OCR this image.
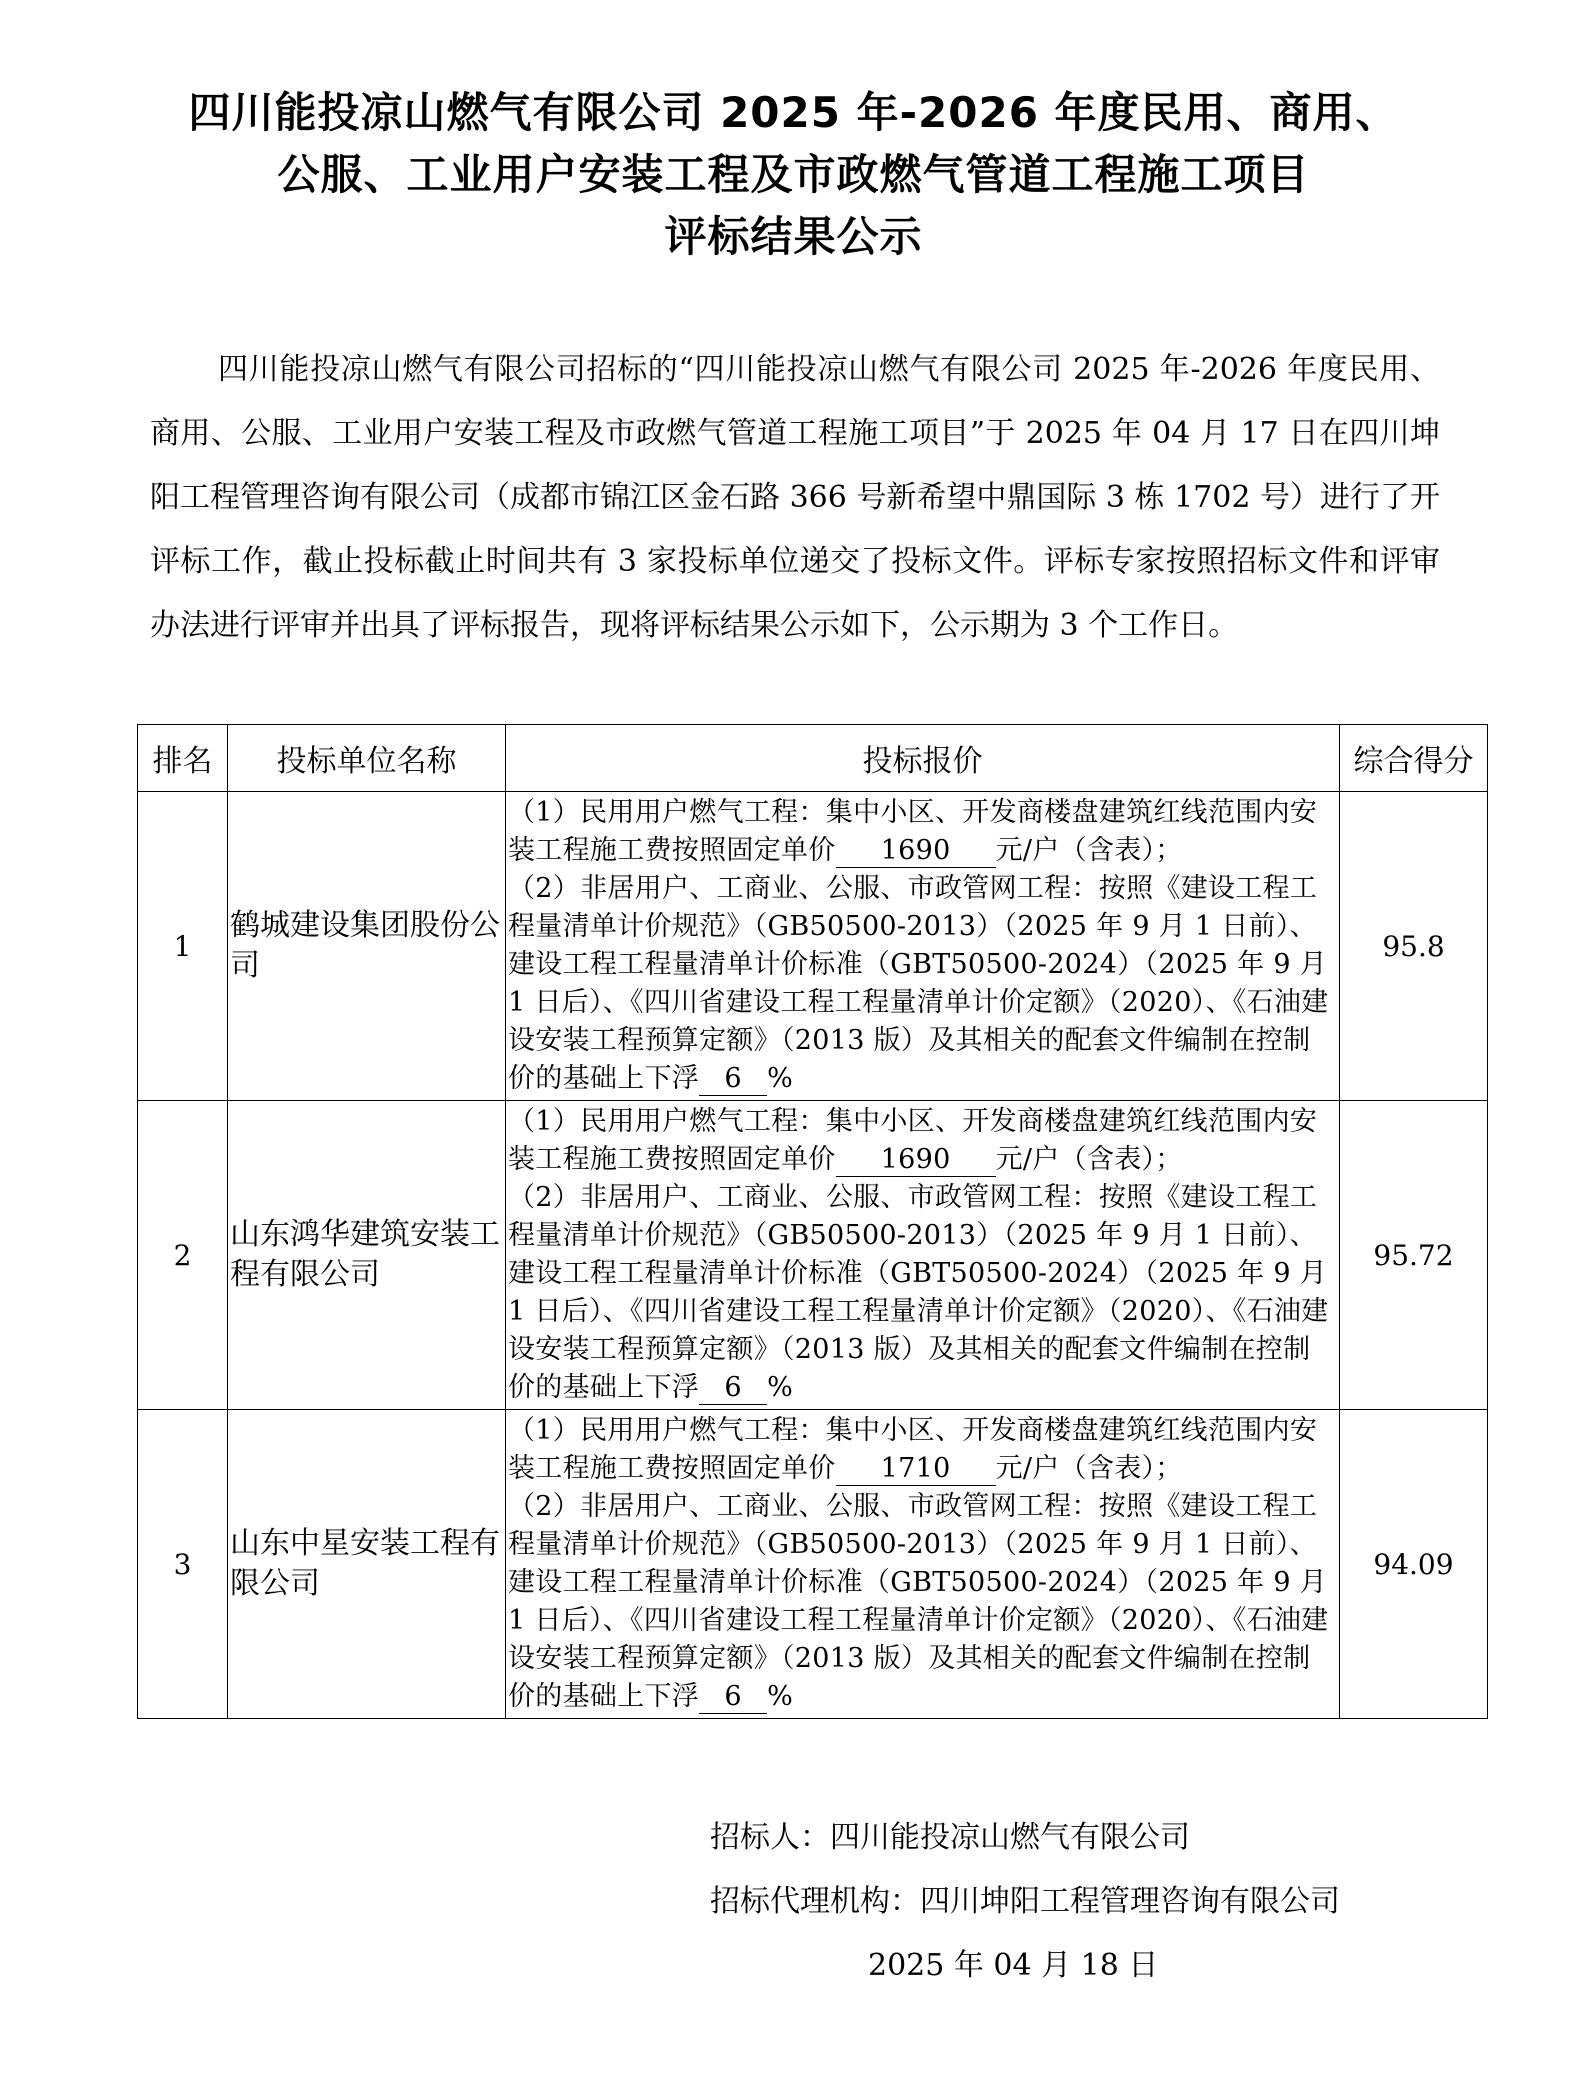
四川能投凉山燃气有限公司 2025 年-2026 年度民用、商用、
公服、工业用户安装工程及市政燃气管道工程施工项目
评标结果公示

四川能投凉山燃气有限公司招标的“四川能投凉山燃气有限公司 2025 年-2026 年度民用、商用、公服、工业用户安装工程及市政燃气管道工程施工项目”于 2025 年 04 月 17 日在四川坤阳工程管理咨询有限公司（成都市锦江区金石路 366 号新希望中鼎国际 3 栋 1702 号）进行了开评标工作，截止投标截止时间共有 3 家投标单位递交了投标文件。评标专家按照招标文件和评审办法进行评审并出具了评标报告，现将评标结果公示如下，公示期为 3 个工作日。

排名	投标单位名称	投标报价	综合得分
1	鹤城建设集团股份公司	（1）民用用户燃气工程：集中小区、开发商楼盘建筑红线范围内安装工程施工费按照固定单价 1690 元/户（含表）；
（2）非居用户、工商业、公服、市政管网工程：按照《建设工程工程量清单计价规范》（GB50500-2013）（2025 年 9 月 1 日前）、建设工程工程量清单计价标准（GBT50500-2024）（2025 年 9 月 1 日后）、《四川省建设工程工程量清单计价定额》（2020）、《石油建设安装工程预算定额》（2013 版）及其相关的配套文件编制在控制价的基础上下浮 6 %	95.8
2	山东鸿华建筑安装工程有限公司	（1）民用用户燃气工程：集中小区、开发商楼盘建筑红线范围内安装工程施工费按照固定单价 1690 元/户（含表）；
（2）非居用户、工商业、公服、市政管网工程：按照《建设工程工程量清单计价规范》（GB50500-2013）（2025 年 9 月 1 日前）、建设工程工程量清单计价标准（GBT50500-2024）（2025 年 9 月 1 日后）、《四川省建设工程工程量清单计价定额》（2020）、《石油建设安装工程预算定额》（2013 版）及其相关的配套文件编制在控制价的基础上下浮 6 %	95.72
3	山东中星安装工程有限公司	（1）民用用户燃气工程：集中小区、开发商楼盘建筑红线范围内安装工程施工费按照固定单价 1710 元/户（含表）；
（2）非居用户、工商业、公服、市政管网工程：按照《建设工程工程量清单计价规范》（GB50500-2013）（2025 年 9 月 1 日前）、建设工程工程量清单计价标准（GBT50500-2024）（2025 年 9 月 1 日后）、《四川省建设工程工程量清单计价定额》（2020）、《石油建设安装工程预算定额》（2013 版）及其相关的配套文件编制在控制价的基础上下浮 6 %	94.09
招标人：四川能投凉山燃气有限公司
招标代理机构：四川坤阳工程管理咨询有限公司
2025 年 04 月 18 日
